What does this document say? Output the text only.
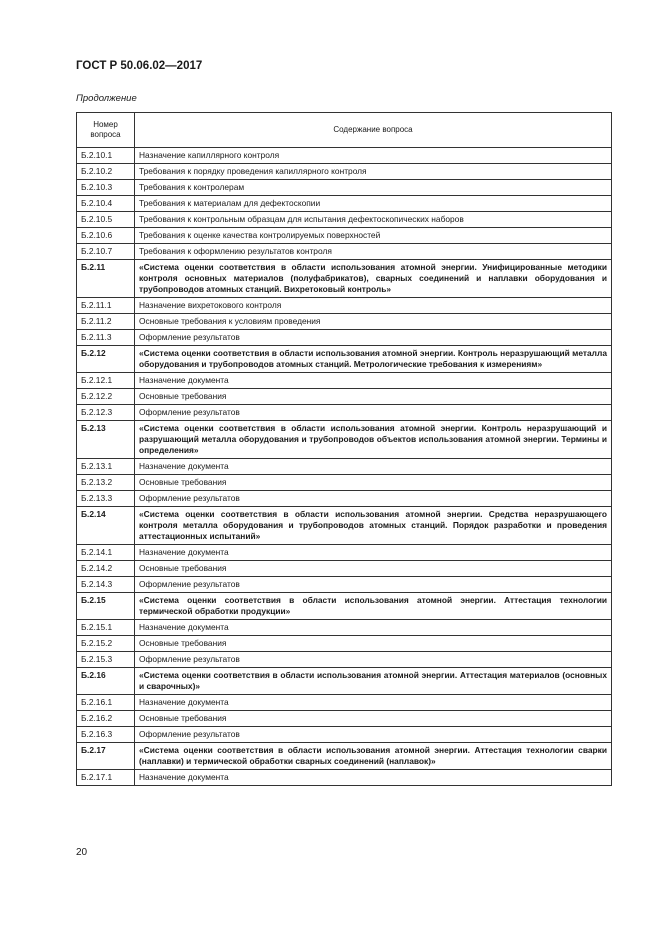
ГОСТ Р 50.06.02—2017
Продолжение
Номер вопроса	Содержание вопроса
Б.2.10.1	Назначение капиллярного контроля
Б.2.10.2	Требования к порядку проведения капиллярного контроля
Б.2.10.3	Требования к контролерам
Б.2.10.4	Требования к материалам для дефектоскопии
Б.2.10.5	Требования к контрольным образцам для испытания дефектоскопических наборов
Б.2.10.6	Требования к оценке качества контролируемых поверхностей
Б.2.10.7	Требования к оформлению результатов контроля
Б.2.11	«Система оценки соответствия в области использования атомной энергии. Унифицированные методики контроля основных материалов (полуфабрикатов), сварных соединений и наплавки оборудования и трубопроводов атомных станций. Вихретоковый контроль»
Б.2.11.1	Назначение вихретокового контроля
Б.2.11.2	Основные требования к условиям проведения
Б.2.11.3	Оформление результатов
Б.2.12	«Система оценки соответствия в области использования атомной энергии. Контроль неразрушающий металла оборудования и трубопроводов атомных станций. Метрологические требования к измерениям»
Б.2.12.1	Назначение документа
Б.2.12.2	Основные требования
Б.2.12.3	Оформление результатов
Б.2.13	«Система оценки соответствия в области использования атомной энергии. Контроль неразрушающий и разрушающий металла оборудования и трубопроводов объектов использования атомной энергии. Термины и определения»
Б.2.13.1	Назначение документа
Б.2.13.2	Основные требования
Б.2.13.3	Оформление результатов
Б.2.14	«Система оценки соответствия в области использования атомной энергии. Средства неразрушающего контроля металла оборудования и трубопроводов атомных станций. Порядок разработки и проведения аттестационных испытаний»
Б.2.14.1	Назначение документа
Б.2.14.2	Основные требования
Б.2.14.3	Оформление результатов
Б.2.15	«Система оценки соответствия в области использования атомной энергии. Аттестация технологии термической обработки продукции»
Б.2.15.1	Назначение документа
Б.2.15.2	Основные требования
Б.2.15.3	Оформление результатов
Б.2.16	«Система оценки соответствия в области использования атомной энергии. Аттестация материалов (основных и сварочных)»
Б.2.16.1	Назначение документа
Б.2.16.2	Основные требования
Б.2.16.3	Оформление результатов
Б.2.17	«Система оценки соответствия в области использования атомной энергии. Аттестация технологии сварки (наплавки) и термической обработки сварных соединений (наплавок)»
Б.2.17.1	Назначение документа
20
